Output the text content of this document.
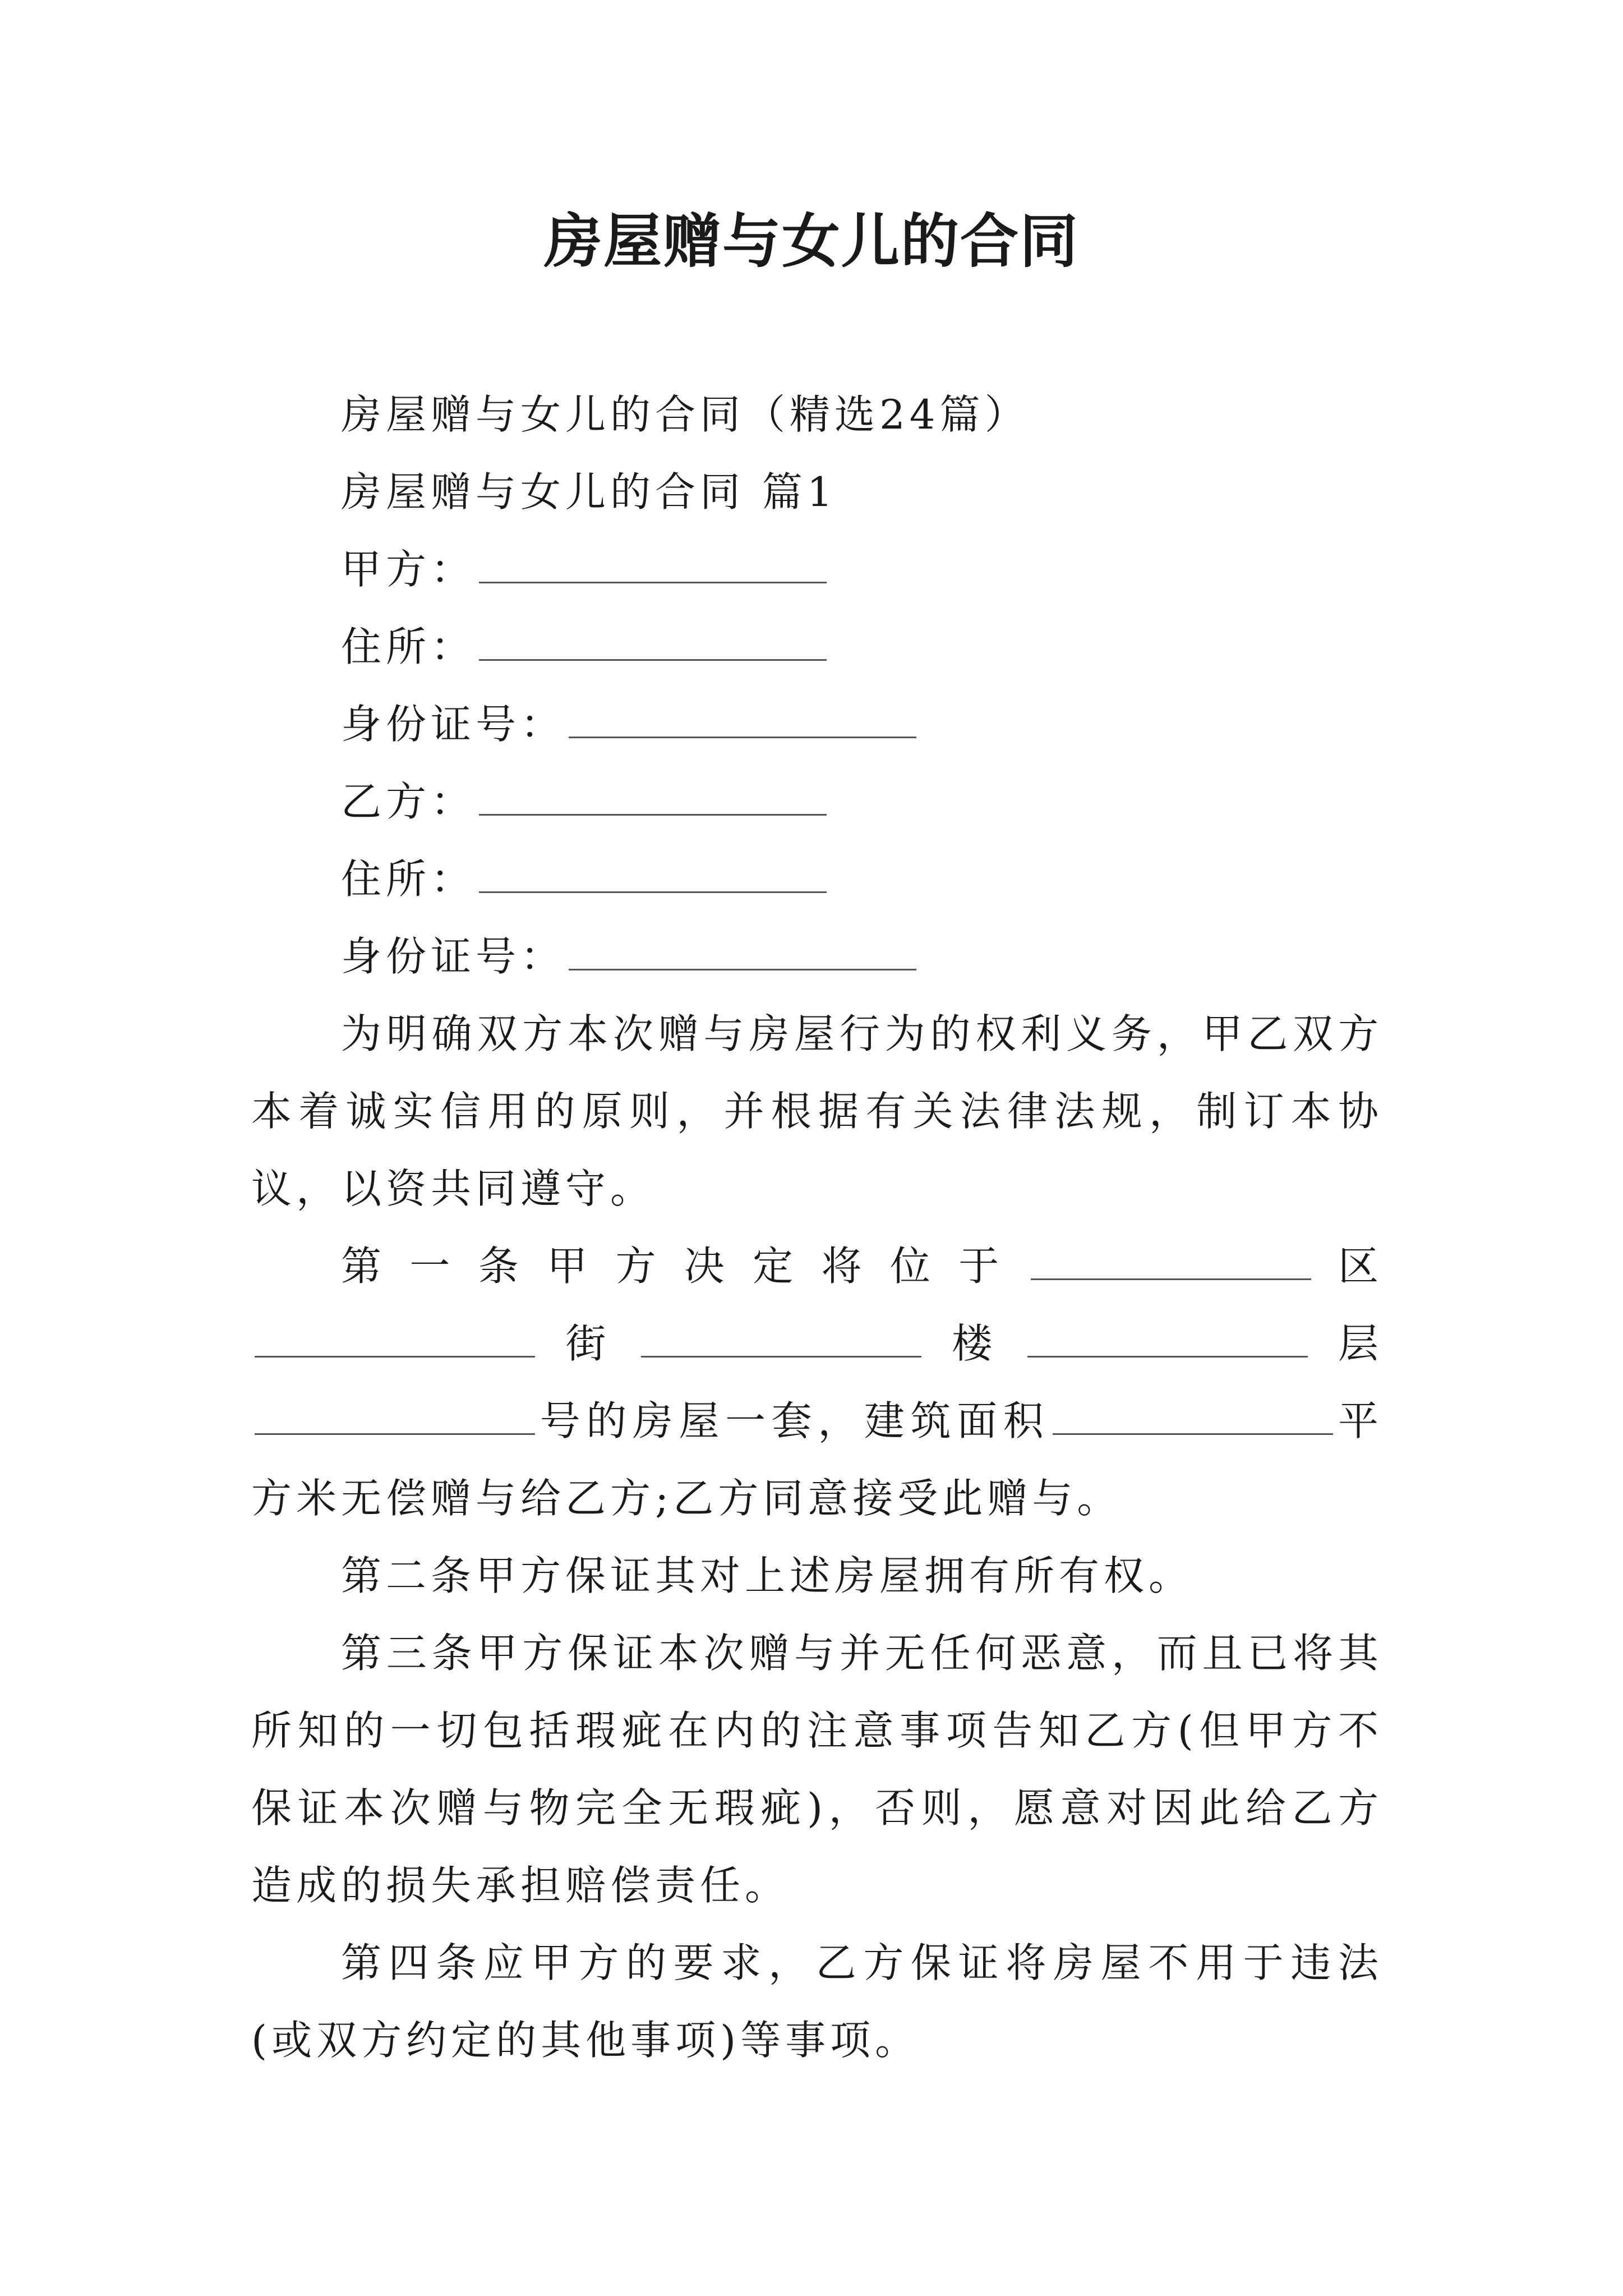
房屋赠与女儿的合同

房屋赠与女儿的合同（精选24篇）

房屋赠与女儿的合同 篇1

甲方：

住所：

身份证号：

乙方：

住所：

身份证号：

为明确双方本次赠与房屋行为的权利义务，甲乙双方本着诚实信用的原则，并根据有关法律法规，制订本协议，以资共同遵守。

第一条甲方决定将位于	区街	楼	层号的房屋一套，建筑面积	平方米无偿赠与给乙方;乙方同意接受此赠与。

第二条甲方保证其对上述房屋拥有所有权。

第三条甲方保证本次赠与并无任何恶意，而且已将其所知的一切包括瑕疵在内的注意事项告知乙方(但甲方不保证本次赠与物完全无瑕疵)，否则，愿意对因此给乙方造成的损失承担赔偿责任。

第四条应甲方的要求，乙方保证将房屋不用于违法(或双方约定的其他事项)等事项。
